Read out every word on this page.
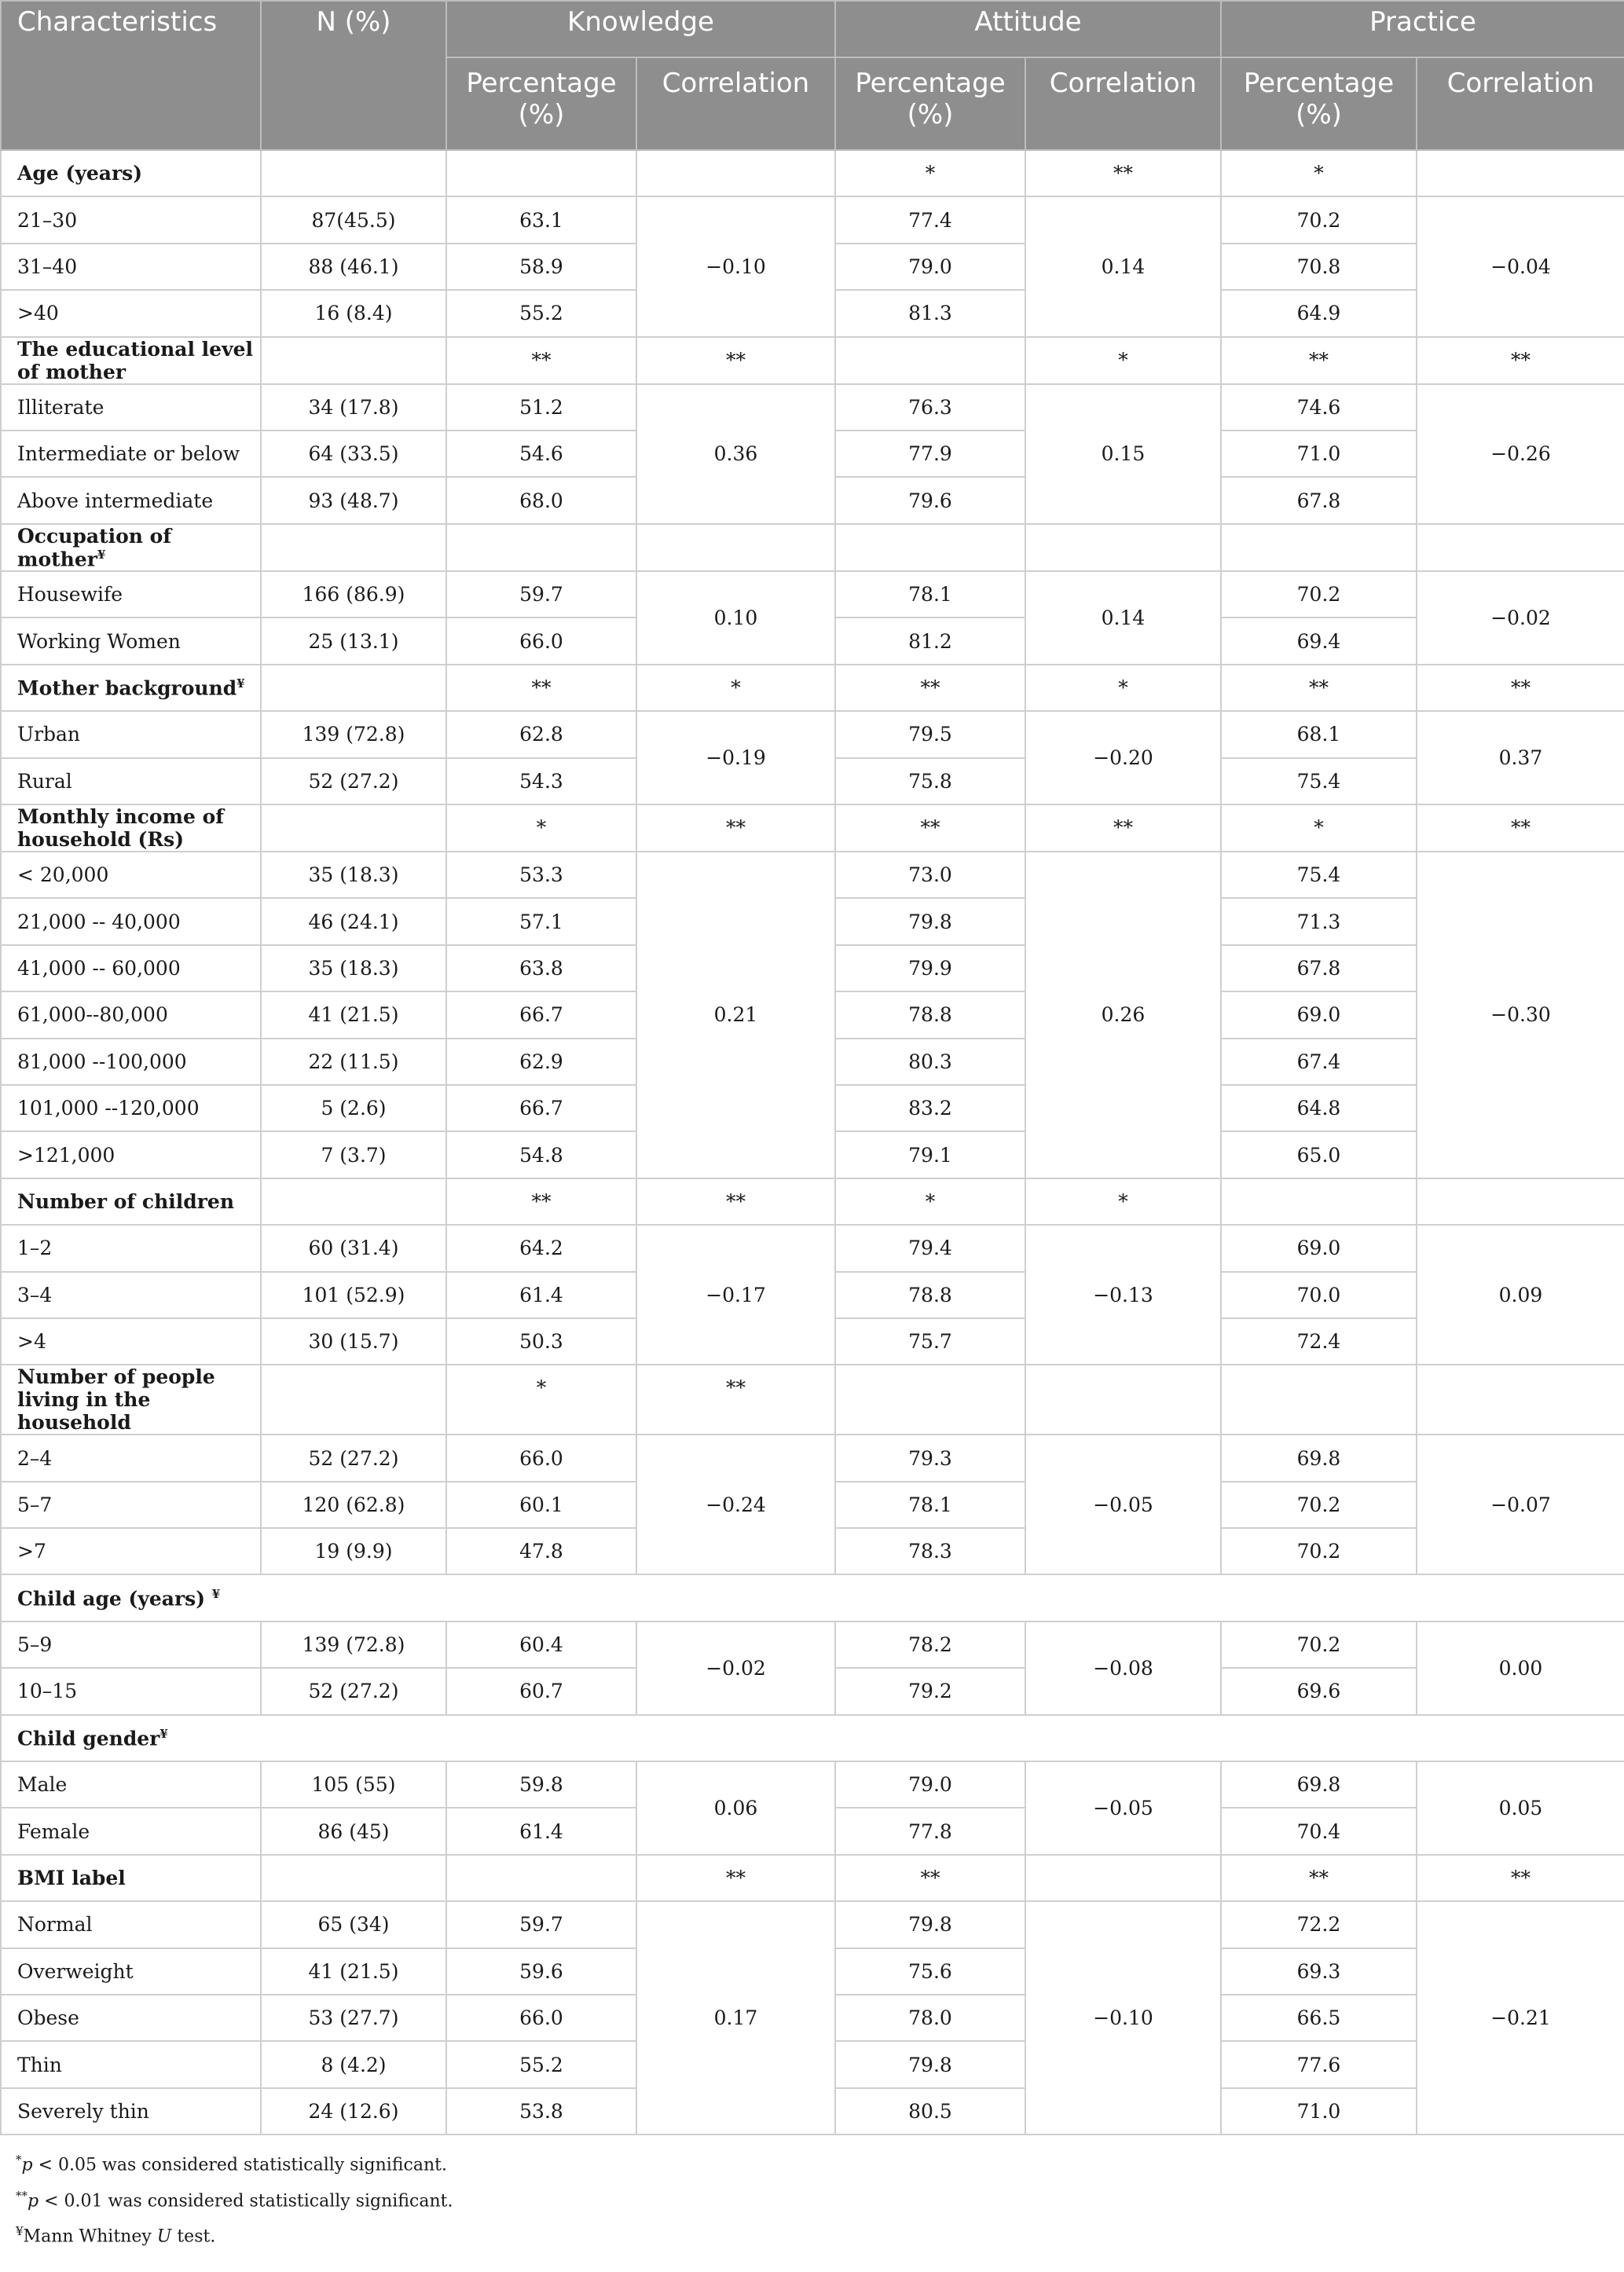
Characteristics	N (%)	Knowledge		Attitude		Practice	
		Percentage (%)	Correlation	Percentage (%)	Correlation	Percentage (%)	Correlation
Age (years)				*	**	*	
21–30	87(45.5)	63.1	−0.10	77.4	0.14	70.2	−0.04
31–40	88 (46.1)	58.9		79.0		70.8	
>40	16 (8.4)	55.2		81.3		64.9	
The educational level of mother		**	**		*	**	**
Illiterate	34 (17.8)	51.2	0.36	76.3	0.15	74.6	−0.26
Intermediate or below	64 (33.5)	54.6		77.9		71.0	
Above intermediate	93 (48.7)	68.0		79.6		67.8	
Occupation of mother¥							
Housewife	166 (86.9)	59.7	0.10	78.1	0.14	70.2	−0.02
Working Women	25 (13.1)	66.0		81.2		69.4	
Mother background¥		**	*	**	*	**	**
Urban	139 (72.8)	62.8	−0.19	79.5	−0.20	68.1	0.37
Rural	52 (27.2)	54.3		75.8		75.4	
Monthly income of household (Rs)		*	**	**	**	*	**
< 20,000	35 (18.3)	53.3	0.21	73.0	0.26	75.4	−0.30
21,000 -- 40,000	46 (24.1)	57.1		79.8		71.3	
41,000 -- 60,000	35 (18.3)	63.8		79.9		67.8	
61,000--80,000	41 (21.5)	66.7		78.8		69.0	
81,000 --100,000	22 (11.5)	62.9		80.3		67.4	
101,000 --120,000	5 (2.6)	66.7		83.2		64.8	
>121,000	7 (3.7)	54.8		79.1		65.0	
Number of children		**	**	*	*		
1–2	60 (31.4)	64.2	−0.17	79.4	−0.13	69.0	0.09
3–4	101 (52.9)	61.4		78.8		70.0	
>4	30 (15.7)	50.3		75.7		72.4	
Number of people living in the household		*	**				
2–4	52 (27.2)	66.0	−0.24	79.3	−0.05	69.8	−0.07
5–7	120 (62.8)	60.1		78.1		70.2	
>7	19 (9.9)	47.8		78.3		70.2	
Child age (years) ¥
5–9	139 (72.8)	60.4	−0.02	78.2	−0.08	70.2	0.00
10–15	52 (27.2)	60.7		79.2		69.6	
Child gender¥
Male	105 (55)	59.8	0.06	79.0	−0.05	69.8	0.05
Female	86 (45)	61.4		77.8		70.4	
BMI label			**	**		**	**
Normal	65 (34)	59.7	0.17	79.8	−0.10	72.2	−0.21
Overweight	41 (21.5)	59.6		75.6		69.3	
Obese	53 (27.7)	66.0		78.0		66.5	
Thin	8 (4.2)	55.2		79.8		77.6	
Severely thin	24 (12.6)	53.8		80.5		71.0	
*p < 0.05 was considered statistically significant.
**p < 0.01 was considered statistically significant.
¥Mann Whitney U test.
